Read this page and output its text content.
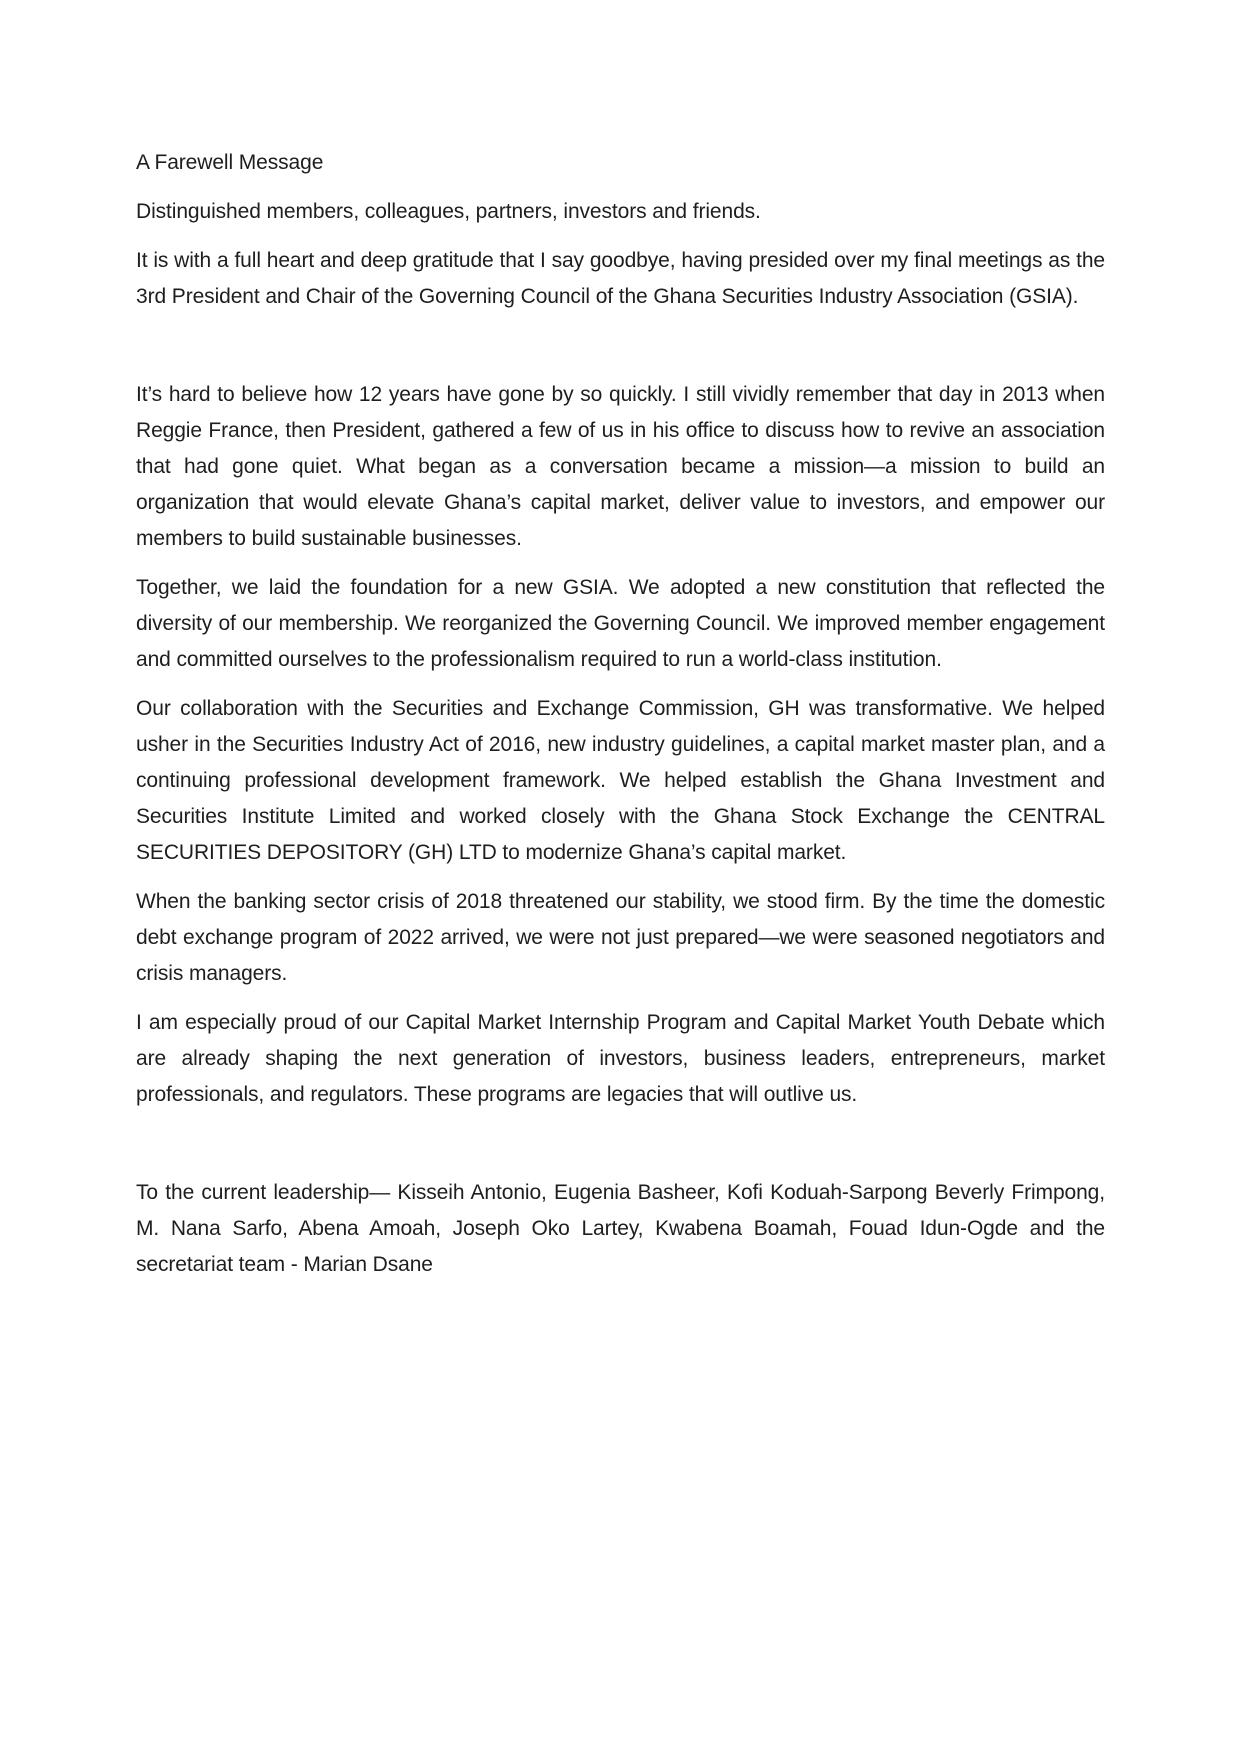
A Farewell Message

Distinguished members, colleagues, partners, investors and friends.

It is with a full heart and deep gratitude that I say goodbye, having presided over my final meetings as the 3rd President and Chair of the Governing Council of the Ghana Securities Industry Association (GSIA).

It’s hard to believe how 12 years have gone by so quickly. I still vividly remember that day in 2013 when Reggie France, then President, gathered a few of us in his office to discuss how to revive an association that had gone quiet. What began as a conversation became a mission—a mission to build an organization that would elevate Ghana’s capital market, deliver value to investors, and empower our members to build sustainable businesses.

Together, we laid the foundation for a new GSIA. We adopted a new constitution that reflected the diversity of our membership. We reorganized the Governing Council. We improved member engagement and committed ourselves to the professionalism required to run a world-class institution.

Our collaboration with the Securities and Exchange Commission, GH was transformative. We helped usher in the Securities Industry Act of 2016, new industry guidelines, a capital market master plan, and a continuing professional development framework. We helped establish the Ghana Investment and Securities Institute Limited and worked closely with the Ghana Stock Exchange the CENTRAL SECURITIES DEPOSITORY (GH) LTD to modernize Ghana’s capital market.

When the banking sector crisis of 2018 threatened our stability, we stood firm. By the time the domestic debt exchange program of 2022 arrived, we were not just prepared—we were seasoned negotiators and crisis managers.

I am especially proud of our Capital Market Internship Program and Capital Market Youth Debate which are already shaping the next generation of investors, business leaders, entrepreneurs, market professionals, and regulators. These programs are legacies that will outlive us.

To the current leadership— Kisseih Antonio, Eugenia Basheer, Kofi Koduah-Sarpong Beverly Frimpong, M. Nana Sarfo, Abena Amoah, Joseph Oko Lartey, Kwabena Boamah, Fouad Idun-Ogde and the secretariat team - Marian Dsane
